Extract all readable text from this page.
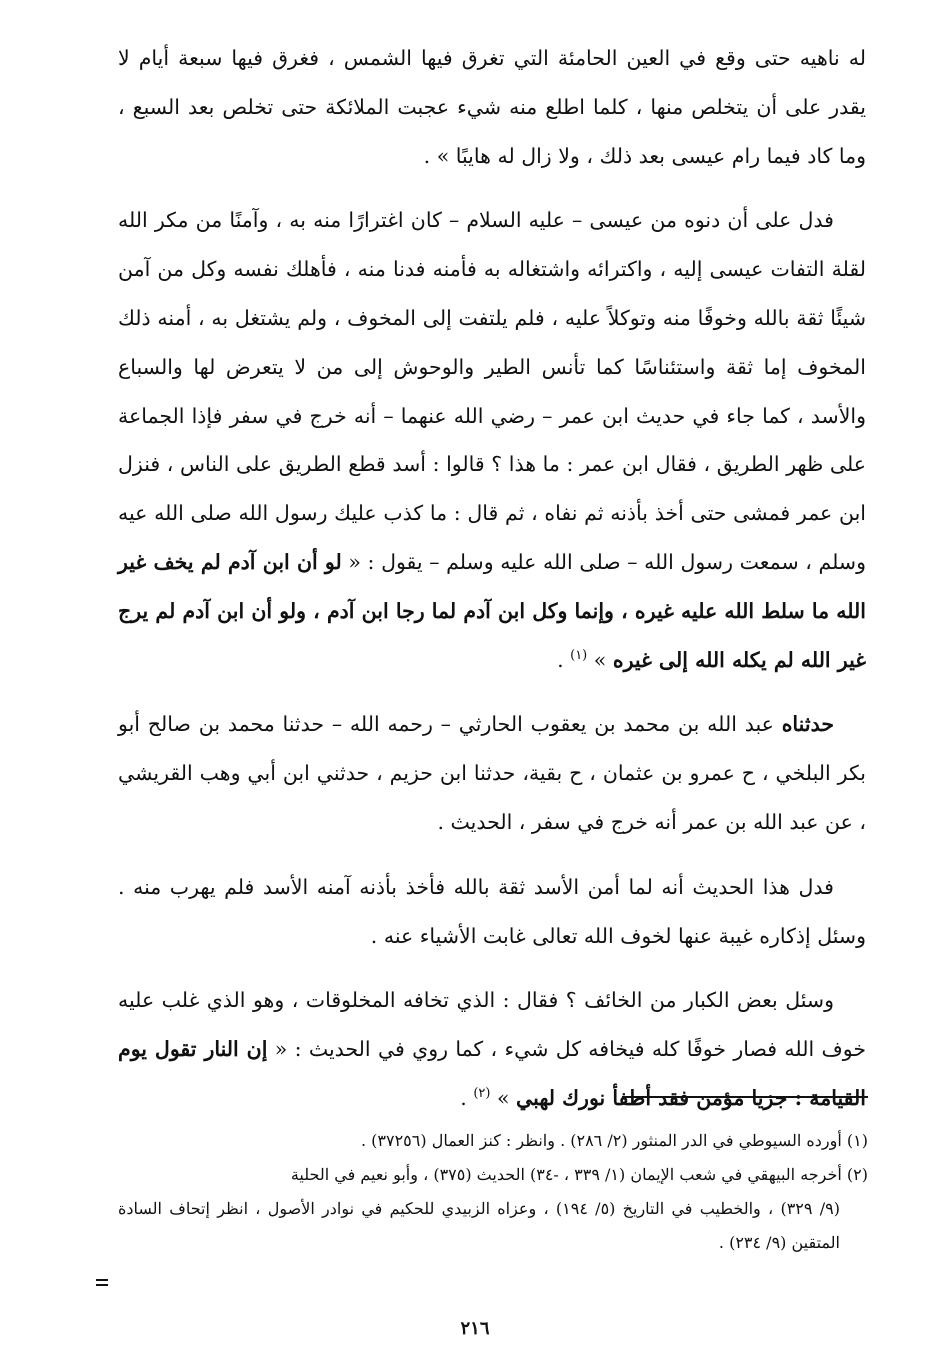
له ناهيه حتى وقع في العين الحامئة التي تغرق فيها الشمس ، فغرق فيها سبعة أيام لا يقدر على أن يتخلص منها ، كلما اطلع منه شيء عجبت الملائكة حتى تخلص بعد السبع ، وما كاد فيما رام عيسى بعد ذلك ، ولا زال له هايبًا » .

فدل على أن دنوه من عيسى – عليه السلام – كان اغترارًا منه به ، وآمنًا من مكر الله لقلة التفات عيسى إليه ، واكترائه واشتغاله به فأمنه فدنا منه ، فأهلك نفسه وكل من آمن شيئًا ثقة بالله وخوفًا منه وتوكلاً عليه ، فلم يلتفت إلى المخوف ، ولم يشتغل به ، أمنه ذلك المخوف إما ثقة واستئناسًا كما تأنس الطير والوحوش إلى من لا يتعرض لها والسباع والأسد ، كما جاء في حديث ابن عمر – رضي الله عنهما – أنه خرج في سفر فإذا الجماعة على ظهر الطريق ، فقال ابن عمر : ما هذا ؟ قالوا : أسد قطع الطريق على الناس ، فنزل ابن عمر فمشى حتى أخذ بأذنه ثم نفاه ، ثم قال : ما كذب عليك رسول الله صلى الله عيه وسلم ، سمعت رسول الله – صلى الله عليه وسلم – يقول : « لو أن ابن آدم لم يخف غير الله ما سلط الله عليه غيره ، وإنما وكل ابن آدم لما رجا ابن آدم ، ولو أن ابن آدم لم يرج غير الله لم يكله الله إلى غيره » $^{(١)}$ .

حدثناه عبد الله بن محمد بن يعقوب الحارثي – رحمه الله – حدثنا محمد بن صالح أبو بكر البلخي ، ح عمرو بن عثمان ، ح بقية، حدثنا ابن حزيم ، حدثني ابن أبي وهب القريشي ، عن عبد الله بن عمر أنه خرج في سفر ، الحديث .

فدل هذا الحديث أنه لما أمن الأسد ثقة بالله فأخذ بأذنه آمنه الأسد فلم يهرب منه . وسئل إذكاره غيبة عنها لخوف الله تعالى غابت الأشياء عنه .

وسئل بعض الكبار من الخائف ؟ فقال : الذي تخافه المخلوقات ، وهو الذي غلب عليه خوف الله فصار خوفًا كله فيخافه كل شيء ، كما روي في الحديث : « إن النار تقول يوم القيامة : جزيا مؤمن فقد أطفأ نورك لهبي » $^{(٢)}$ .

(١) أورده السيوطي في الدر المنثور (٢/ ٢٨٦) . وانظر : كنز العمال (٣٧٢٥٦) .

(٢) أخرجه البيهقي في شعب الإيمان (١/ ٣٣٩ ، -٣٤) الحديث (٣٧٥) ، وأبو نعيم في الحلية

(٩/ ٣٢٩) ، والخطيب في التاريخ (٥/ ١٩٤) ، وعزاه الزبيدي للحكيم في نوادر الأصول ، انظر إتحاف السادة المتقين (٩/ ٢٣٤) .

٢١٦
